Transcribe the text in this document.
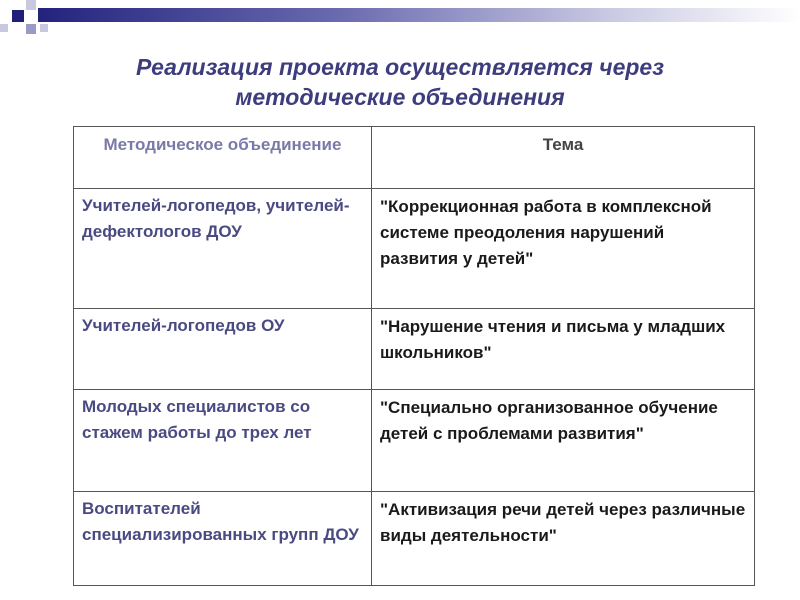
Реализация проекта осуществляется через
методические объединения
Методическое объединение	Тема
Учителей-логопедов, учителей-дефектологов ДОУ	"Коррекционная работа в комплексной системе преодоления нарушений развития у детей"
Учителей-логопедов ОУ	"Нарушение чтения и письма у младших школьников"
Молодых специалистов со стажем работы до трех лет	"Специально организованное обучение детей с проблемами развития"
Воспитателей специализированных групп ДОУ	"Активизация речи детей через различные виды деятельности"
